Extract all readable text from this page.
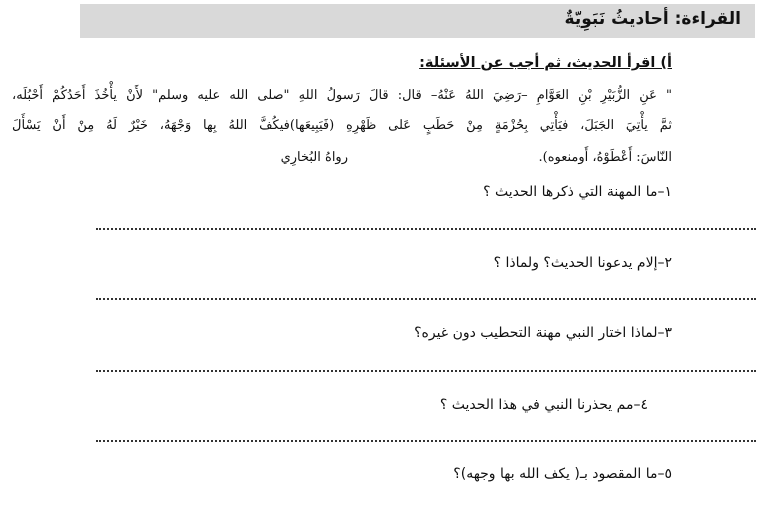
القراءة: أحاديثُ نَبَوِيّةٌ
أ) اقرأ الحديث، ثم أجب عن الأسئلة:
" عَنِ الزُّبَيْرِ بْنِ العَوَّامِ –رَضِيَ اللهُ عَنْهُ– قال: قالَ رَسولُ اللهِ "صلى الله عليه وسلم" لأَنْ يأْخُذَ أَحَدُكُمْ أَحْبُلَه،
ثمَّ يأْتِيَ الجَبَلَ، فيَأْتِي بِحُزْمَةٍ مِنْ حَطَبٍ عَلى ظَهْرِهِ (فَيَبِيعَها)فيكُفَّ اللهُ بِها وَجْهَهُ، خَيْرٌ لَهُ مِنْ أَنْ يَسْأَلَ
النّاسَ: أَعْطَوْهُ، أَومنعوه).
رواهُ البُخارِي
١–ما المهنة التي ذكرها الحديث ؟
٢–إلام يدعونا الحديث؟ ولماذا ؟
٣–لماذا اختار النبي مهنة التحطيب دون غيره؟
٤–مم يحذرنا النبي في هذا الحديث ؟
٥–ما المقصود بـ( يكف الله بها وجهه)؟
